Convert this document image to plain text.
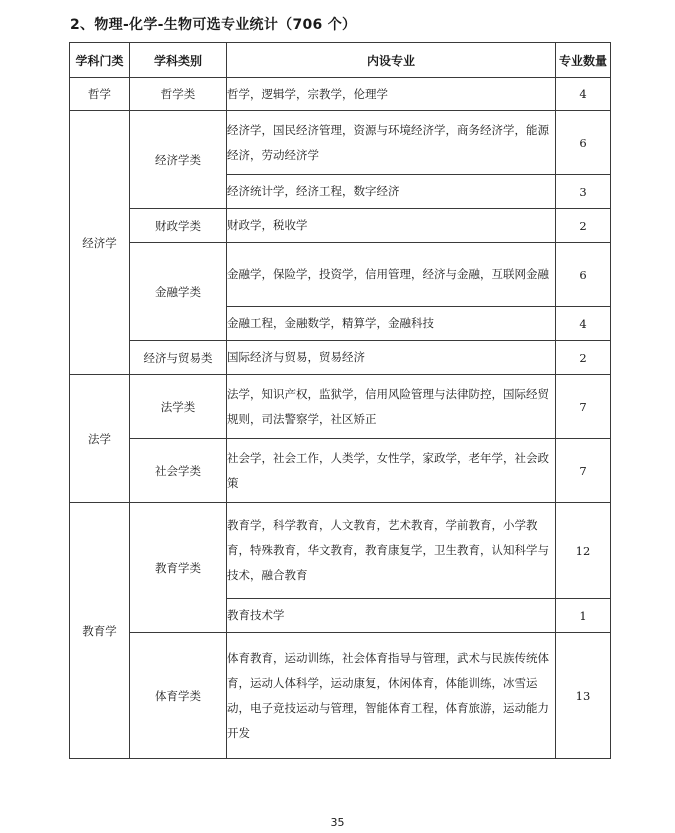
2、物理-化学-生物可选专业统计（706 个）
学科门类	学科类别	内设专业	专业数量
哲学	哲学类	哲学，逻辑学，宗教学，伦理学	4
经济学	经济学类	经济学，国民经济管理，资源与环境经济学，商务经济学，能源经济，劳动经济学	6
		经济统计学，经济工程，数字经济	3
	财政学类	财政学，税收学	2
	金融学类	金融学，保险学，投资学，信用管理，经济与金融，互联网金融	6
		金融工程，金融数学，精算学，金融科技	4
	经济与贸易类	国际经济与贸易，贸易经济	2
法学	法学类	法学，知识产权，监狱学，信用风险管理与法律防控，国际经贸规则，司法警察学，社区矫正	7
	社会学类	社会学，社会工作，人类学，女性学，家政学，老年学，社会政策	7
教育学	教育学类	教育学，科学教育，人文教育，艺术教育，学前教育，小学教育，特殊教育，华文教育，教育康复学，卫生教育，认知科学与技术，融合教育	12
		教育技术学	1
	体育学类	体育教育，运动训练，社会体育指导与管理，武术与民族传统体育，运动人体科学，运动康复，休闲体育，体能训练，冰雪运动，电子竞技运动与管理，智能体育工程，体育旅游，运动能力开发	13
35
